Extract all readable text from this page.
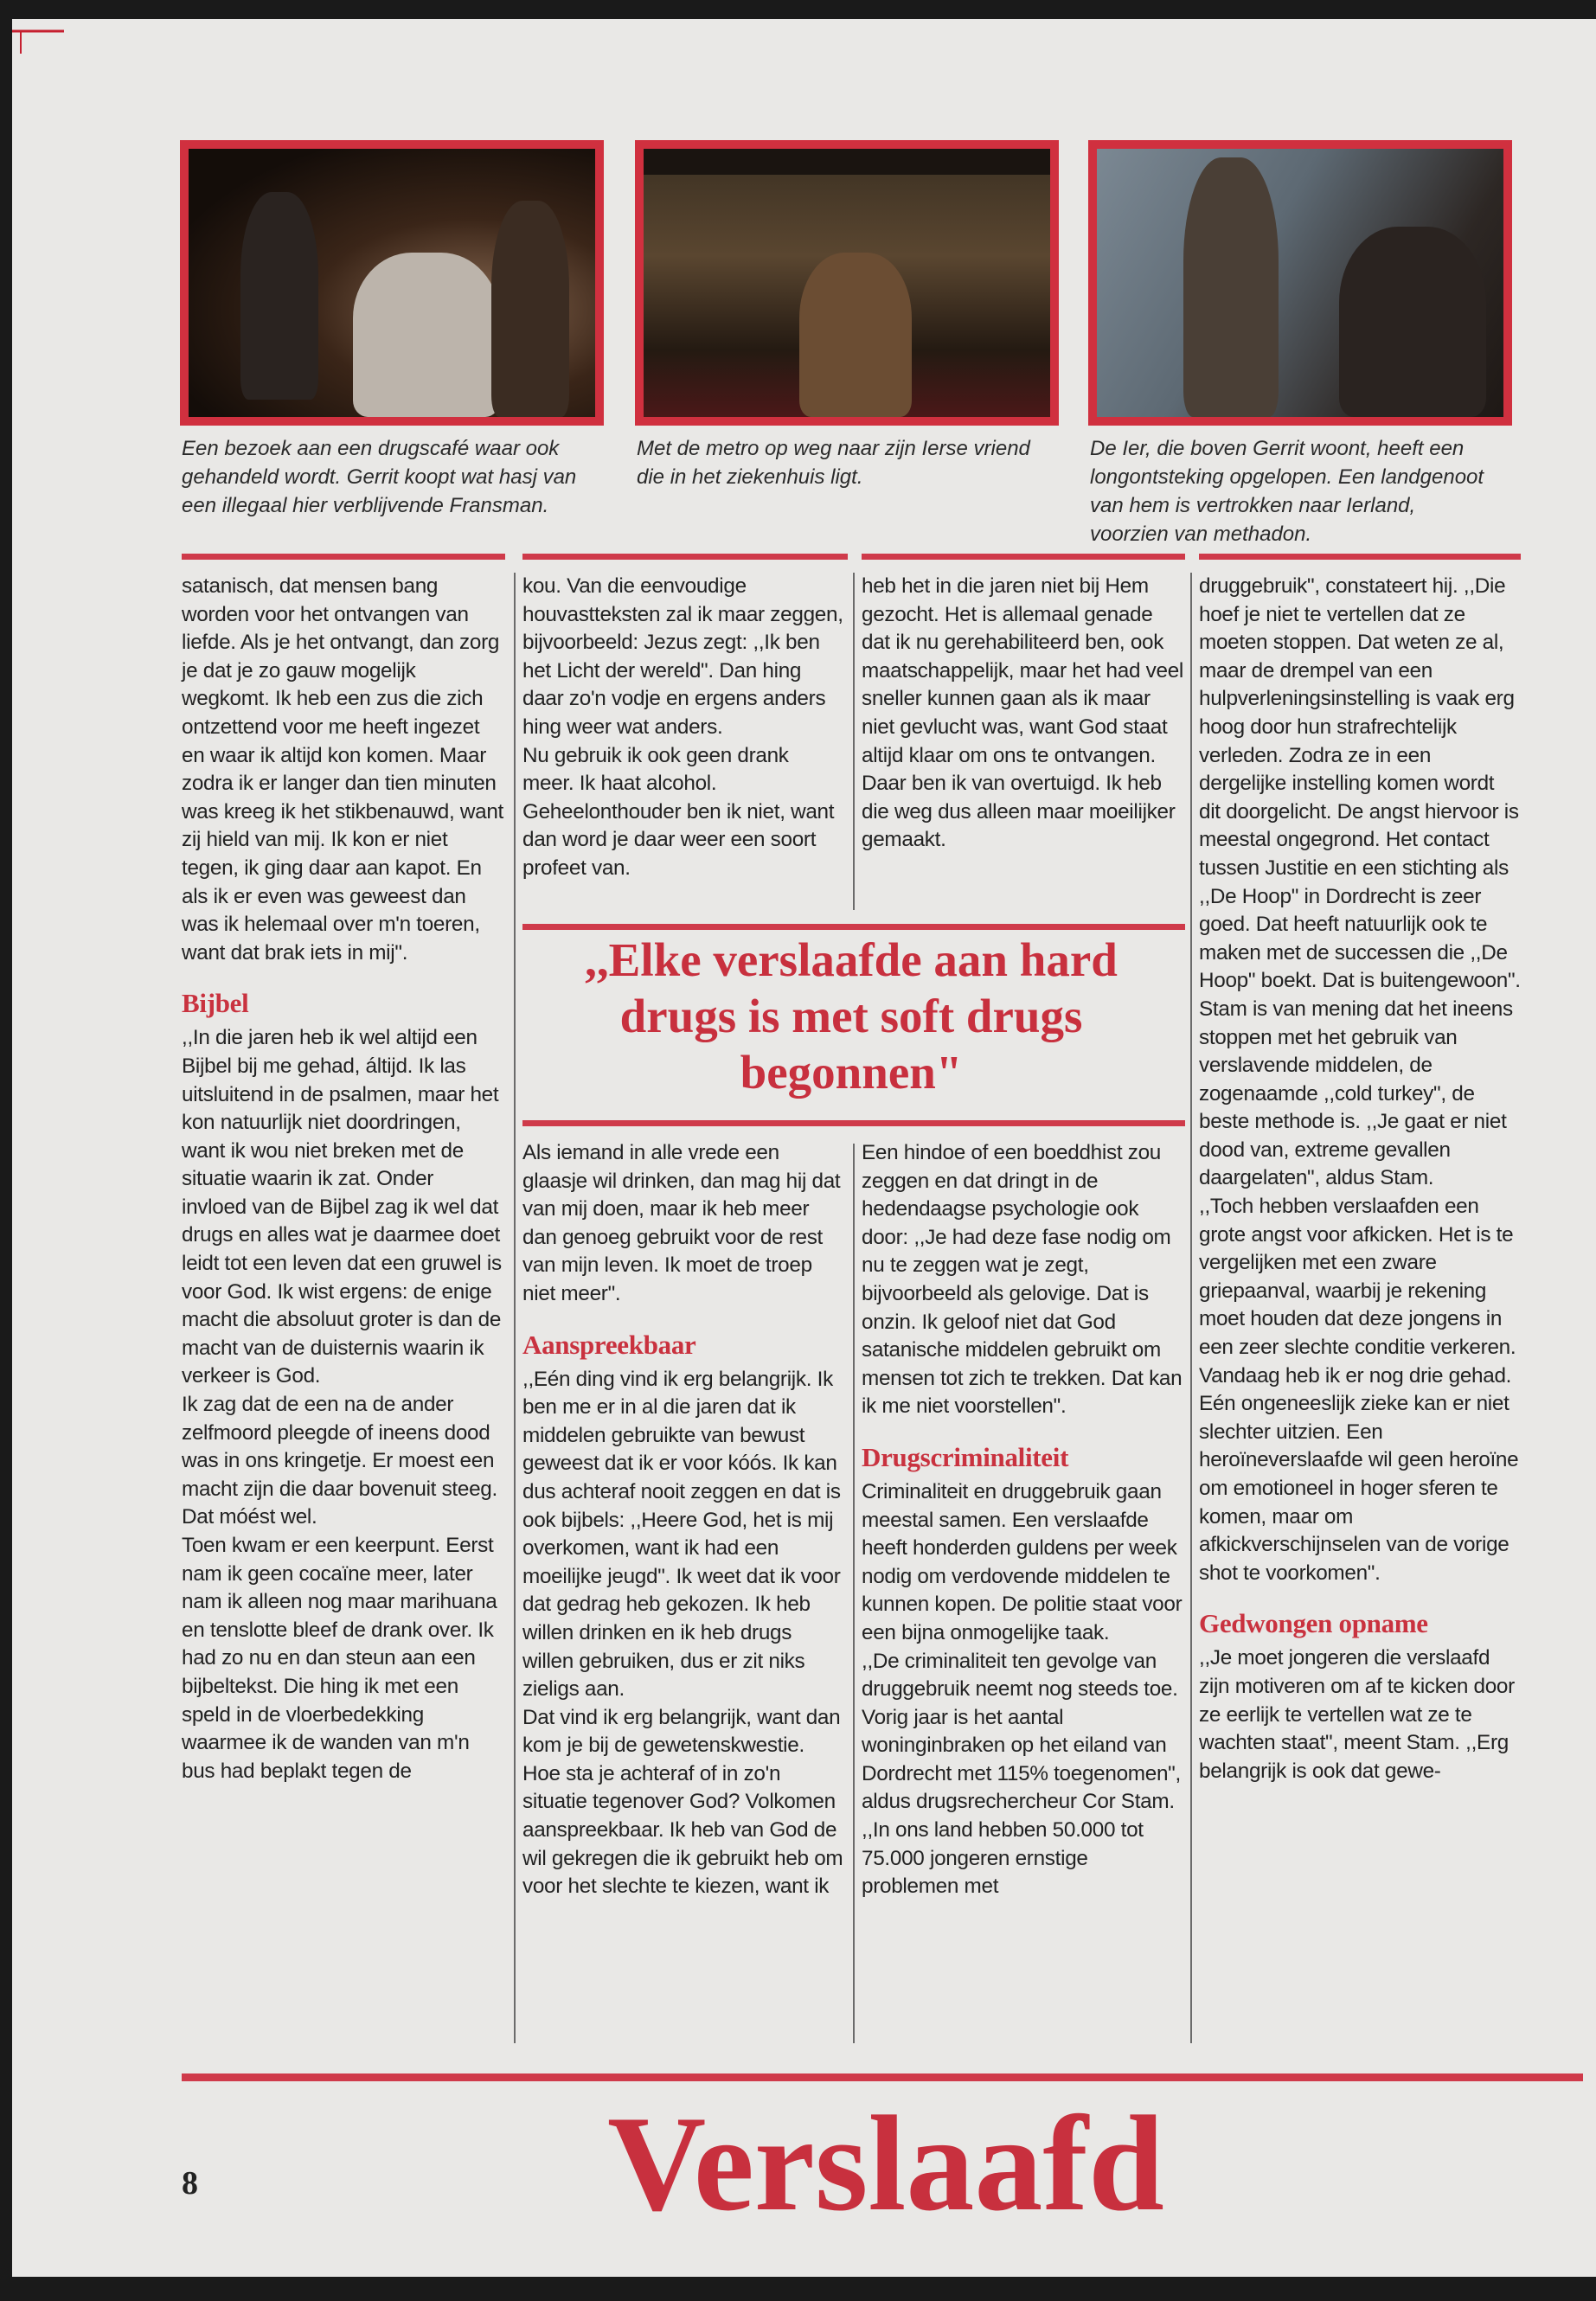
Een bezoek aan een drugscafé waar ook gehandeld wordt. Gerrit koopt wat hasj van een illegaal hier verblijvende Fransman.
Met de metro op weg naar zijn Ierse vriend die in het ziekenhuis ligt.
De Ier, die boven Gerrit woont, heeft een longontsteking opgelopen. Een landgenoot van hem is vertrokken naar Ierland, voorzien van methadon.

satanisch, dat mensen bang worden voor het ontvangen van liefde. Als je het ontvangt, dan zorg je dat je zo gauw mogelijk wegkomt. Ik heb een zus die zich ontzettend voor me heeft ingezet en waar ik altijd kon komen. Maar zodra ik er langer dan tien minuten was kreeg ik het stikbenauwd, want zij hield van mij. Ik kon er niet tegen, ik ging daar aan kapot. En als ik er even was geweest dan was ik helemaal over m'n toeren, want dat brak iets in mij".

Bijbel

,,In die jaren heb ik wel altijd een Bijbel bij me gehad, áltijd. Ik las uitsluitend in de psalmen, maar het kon natuurlijk niet doordringen, want ik wou niet breken met de situatie waarin ik zat. Onder invloed van de Bijbel zag ik wel dat drugs en alles wat je daarmee doet leidt tot een leven dat een gruwel is voor God. Ik wist ergens: de enige macht die absoluut groter is dan de macht van de duisternis waarin ik verkeer is God.

Ik zag dat de een na de ander zelfmoord pleegde of ineens dood was in ons kringetje. Er moest een macht zijn die daar bovenuit steeg. Dat móést wel.

Toen kwam er een keerpunt. Eerst nam ik geen cocaïne meer, later nam ik alleen nog maar marihuana en tenslotte bleef de drank over. Ik had zo nu en dan steun aan een bijbeltekst. Die hing ik met een speld in de vloerbedekking waarmee ik de wanden van m'n bus had beplakt tegen de

kou. Van die eenvoudige houvastteksten zal ik maar zeggen, bijvoorbeeld: Jezus zegt: ,,Ik ben het Licht der wereld". Dan hing daar zo'n vodje en ergens anders hing weer wat anders.

Nu gebruik ik ook geen drank meer. Ik haat alcohol. Geheelonthouder ben ik niet, want dan word je daar weer een soort profeet van.

heb het in die jaren niet bij Hem gezocht. Het is allemaal genade dat ik nu gerehabiliteerd ben, ook maatschappelijk, maar het had veel sneller kunnen gaan als ik maar niet gevlucht was, want God staat altijd klaar om ons te ontvangen. Daar ben ik van overtuigd. Ik heb die weg dus alleen maar moeilijker gemaakt.

,,Elke verslaafde aan hard drugs is met soft drugs begonnen"

Als iemand in alle vrede een glaasje wil drinken, dan mag hij dat van mij doen, maar ik heb meer dan genoeg gebruikt voor de rest van mijn leven. Ik moet de troep niet meer".

Aanspreekbaar

,,Eén ding vind ik erg belangrijk. Ik ben me er in al die jaren dat ik middelen gebruikte van bewust geweest dat ik er voor kóós. Ik kan dus achteraf nooit zeggen en dat is ook bijbels: ,,Heere God, het is mij overkomen, want ik had een moeilijke jeugd". Ik weet dat ik voor dat gedrag heb gekozen. Ik heb willen drinken en ik heb drugs willen gebruiken, dus er zit niks zieligs aan.

Dat vind ik erg belangrijk, want dan kom je bij de gewetenskwestie. Hoe sta je achteraf of in zo'n situatie tegenover God? Volkomen aanspreekbaar. Ik heb van God de wil gekregen die ik gebruikt heb om voor het slechte te kiezen, want ik

Een hindoe of een boeddhist zou zeggen en dat dringt in de hedendaagse psychologie ook door: ,,Je had deze fase nodig om nu te zeggen wat je zegt, bijvoorbeeld als gelovige. Dat is onzin. Ik geloof niet dat God satanische middelen gebruikt om mensen tot zich te trekken. Dat kan ik me niet voorstellen".

Drugscriminaliteit

Criminaliteit en druggebruik gaan meestal samen. Een verslaafde heeft honderden guldens per week nodig om verdovende middelen te kunnen kopen. De politie staat voor een bijna onmogelijke taak.

,,De criminaliteit ten gevolge van druggebruik neemt nog steeds toe. Vorig jaar is het aantal woninginbraken op het eiland van Dordrecht met 115% toegenomen", aldus drugsrechercheur Cor Stam. ,,In ons land hebben 50.000 tot 75.000 jongeren ernstige problemen met

druggebruik", constateert hij. ,,Die hoef je niet te vertellen dat ze moeten stoppen. Dat weten ze al, maar de drempel van een hulpverleningsinstelling is vaak erg hoog door hun strafrechtelijk verleden. Zodra ze in een dergelijke instelling komen wordt dit doorgelicht. De angst hiervoor is meestal ongegrond. Het contact tussen Justitie en een stichting als ,,De Hoop" in Dordrecht is zeer goed. Dat heeft natuurlijk ook te maken met de successen die ,,De Hoop" boekt. Dat is buitengewoon".

Stam is van mening dat het ineens stoppen met het gebruik van verslavende middelen, de zogenaamde ,,cold turkey", de beste methode is. ,,Je gaat er niet dood van, extreme gevallen daargelaten", aldus Stam.

,,Toch hebben verslaafden een grote angst voor afkicken. Het is te vergelijken met een zware griepaanval, waarbij je rekening moet houden dat deze jongens in een zeer slechte conditie verkeren. Vandaag heb ik er nog drie gehad. Eén ongeneeslijk zieke kan er niet slechter uitzien. Een heroïneverslaafde wil geen heroïne om emotioneel in hoger sferen te komen, maar om afkickverschijnselen van de vorige shot te voorkomen".

Gedwongen opname

,,Je moet jongeren die verslaafd zijn motiveren om af te kicken door ze eerlijk te vertellen wat ze te wachten staat", meent Stam. ,,Erg belangrijk is ook dat gewe-

Verslaafd
8
